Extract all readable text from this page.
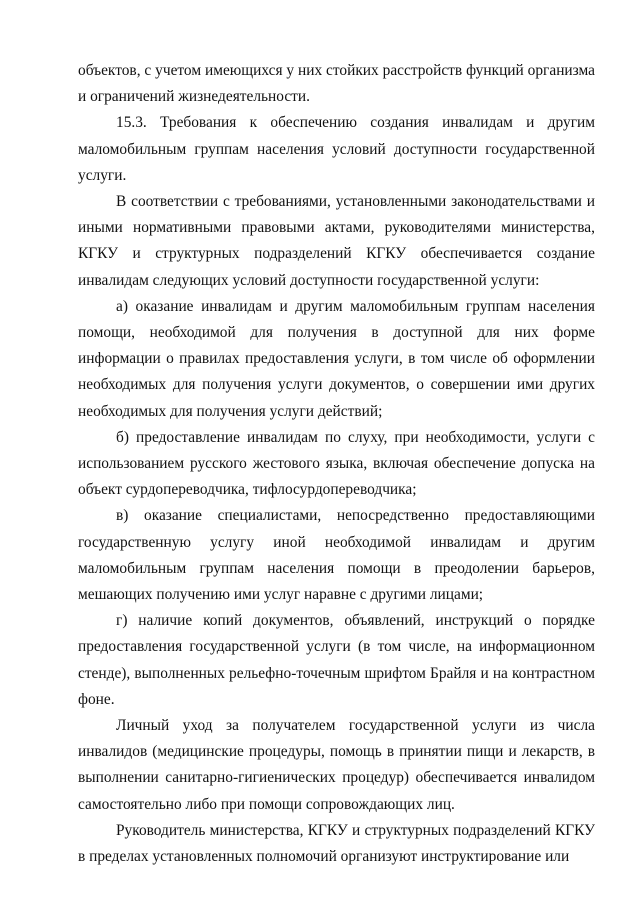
объектов, с учетом имеющихся у них стойких расстройств функций организма и ограничений жизнедеятельности.

15.3. Требования к обеспечению создания инвалидам и другим маломобильным группам населения условий доступности государственной услуги.

В соответствии с требованиями, установленными законодательствами и иными нормативными правовыми актами, руководителями министерства, КГКУ и структурных подразделений КГКУ обеспечивается создание инвалидам следующих условий доступности государственной услуги:

а) оказание инвалидам и другим маломобильным группам населения помощи, необходимой для получения в доступной для них форме информации о правилах предоставления услуги, в том числе об оформлении необходимых для получения услуги документов, о совершении ими других необходимых для получения услуги действий;

б) предоставление инвалидам по слуху, при необходимости, услуги с использованием русского жестового языка, включая обеспечение допуска на объект сурдопереводчика, тифлосурдопереводчика;

в) оказание специалистами, непосредственно предоставляющими государственную услугу иной необходимой инвалидам и другим маломобильным группам населения помощи в преодолении барьеров, мешающих получению ими услуг наравне с другими лицами;

г) наличие копий документов, объявлений, инструкций о порядке предоставления государственной услуги (в том числе, на информационном стенде), выполненных рельефно-точечным шрифтом Брайля и на контрастном фоне.

Личный уход за получателем государственной услуги из числа инвалидов (медицинские процедуры, помощь в принятии пищи и лекарств, в выполнении санитарно-гигиенических процедур) обеспечивается инвалидом самостоятельно либо при помощи сопровождающих лиц.

Руководитель министерства, КГКУ и структурных подразделений КГКУ в пределах установленных полномочий организуют инструктирование или
